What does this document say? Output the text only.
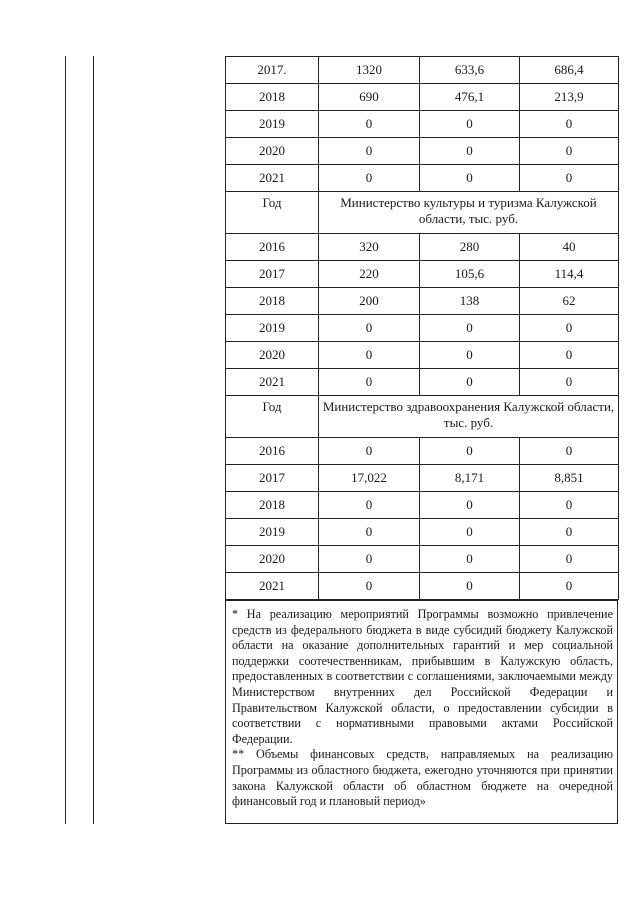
2017.	1320	633,6	686,4
2018	690	476,1	213,9
2019	0	0	0
2020	0	0	0
2021	0	0	0
Год	Министерство культуры и туризма Калужской области, тыс. руб.		
2016	320	280	40
2017	220	105,6	114,4
2018	200	138	62
2019	0	0	0
2020	0	0	0
2021	0	0	0
Год	Министерство здравоохранения Калужской области, тыс. руб.		
2016	0	0	0
2017	17,022	8,171	8,851
2018	0	0	0
2019	0	0	0
2020	0	0	0
2021	0	0	0

* На реализацию мероприятий Программы возможно привлечение средств из федерального бюджета в виде субсидий бюджету Калужской области на оказание дополнительных гарантий и мер социальной поддержки соотечественникам, прибывшим в Калужскую область, предоставленных в соответствии с соглашениями, заключаемыми между Министерством внутренних дел Российской Федерации и Правительством Калужской области, о предоставлении субсидии в соответствии с нормативными правовыми актами Российской Федерации.

** Объемы финансовых средств, направляемых на реализацию Программы из областного бюджета, ежегодно уточняются при принятии закона Калужской области об областном бюджете на очередной финансовый год и плановый период»
